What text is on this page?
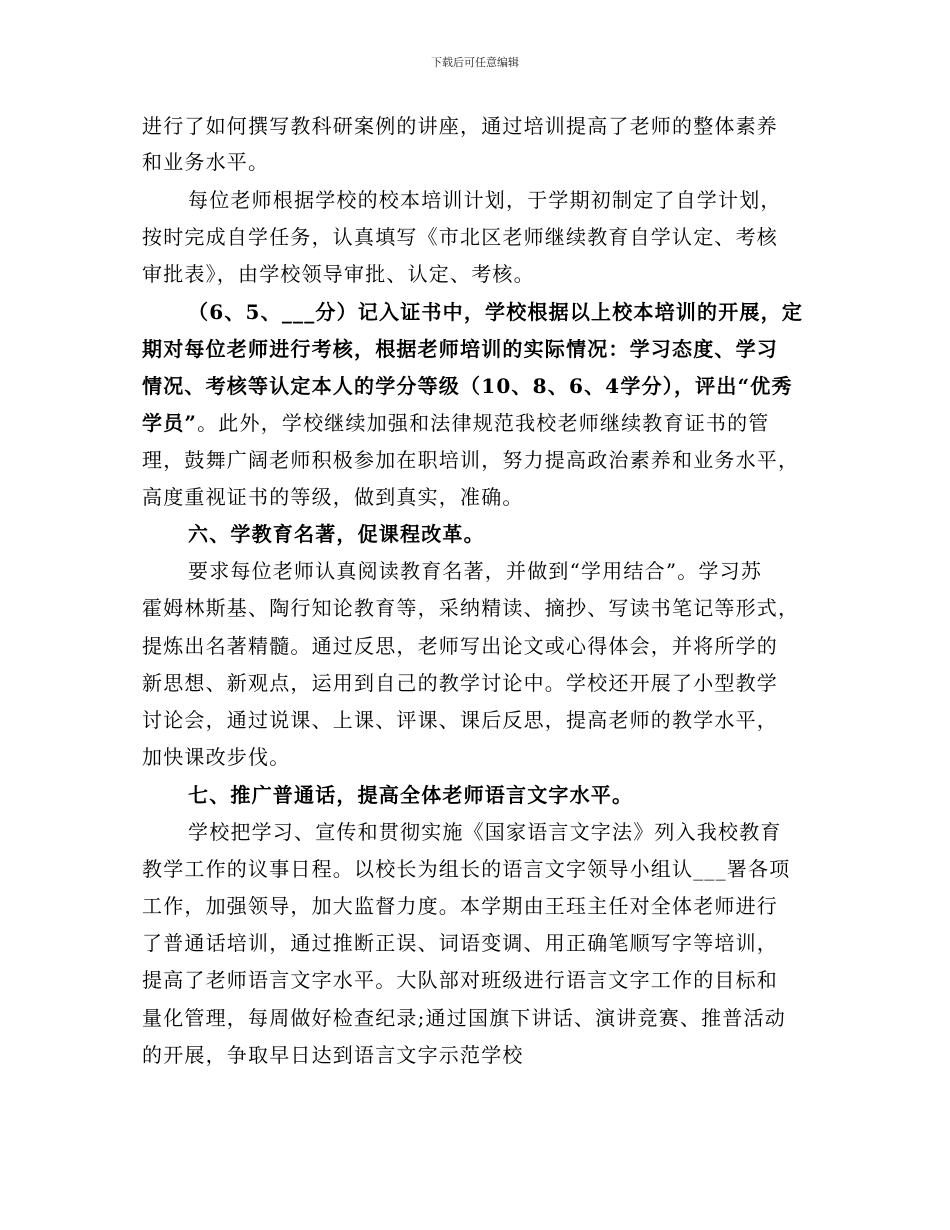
下载后可任意编辑
进行了如何撰写教科研案例的讲座，通过培训提高了老师的整体素养
和业务水平。
每位老师根据学校的校本培训计划，于学期初制定了自学计划，
按时完成自学任务，认真填写《市北区老师继续教育自学认定、考核
审批表》，由学校领导审批、认定、考核。
（6、5、___分）记入证书中，学校根据以上校本培训的开展，定
期对每位老师进行考核，根据老师培训的实际情况：学习态度、学习
情况、考核等认定本人的学分等级（10、8、6、4学分），评出“优秀
学员”。此外，学校继续加强和法律规范我校老师继续教育证书的管
理，鼓舞广阔老师积极参加在职培训，努力提高政治素养和业务水平，
高度重视证书的等级，做到真实，准确。
六、学教育名著，促课程改革。
要求每位老师认真阅读教育名著，并做到“学用结合”。学习苏
霍姆林斯基、陶行知论教育等，采纳精读、摘抄、写读书笔记等形式，
提炼出名著精髓。通过反思，老师写出论文或心得体会，并将所学的
新思想、新观点，运用到自己的教学讨论中。学校还开展了小型教学
讨论会，通过说课、上课、评课、课后反思，提高老师的教学水平，
加快课改步伐。
七、推广普通话，提高全体老师语言文字水平。
学校把学习、宣传和贯彻实施《国家语言文字法》列入我校教育
教学工作的议事日程。以校长为组长的语言文字领导小组认___署各项
工作，加强领导，加大监督力度。本学期由王珏主任对全体老师进行
了普通话培训，通过推断正误、词语变调、用正确笔顺写字等培训，
提高了老师语言文字水平。大队部对班级进行语言文字工作的目标和
量化管理，每周做好检查纪录;通过国旗下讲话、演讲竞赛、推普活动
的开展，争取早日达到语言文字示范学校
